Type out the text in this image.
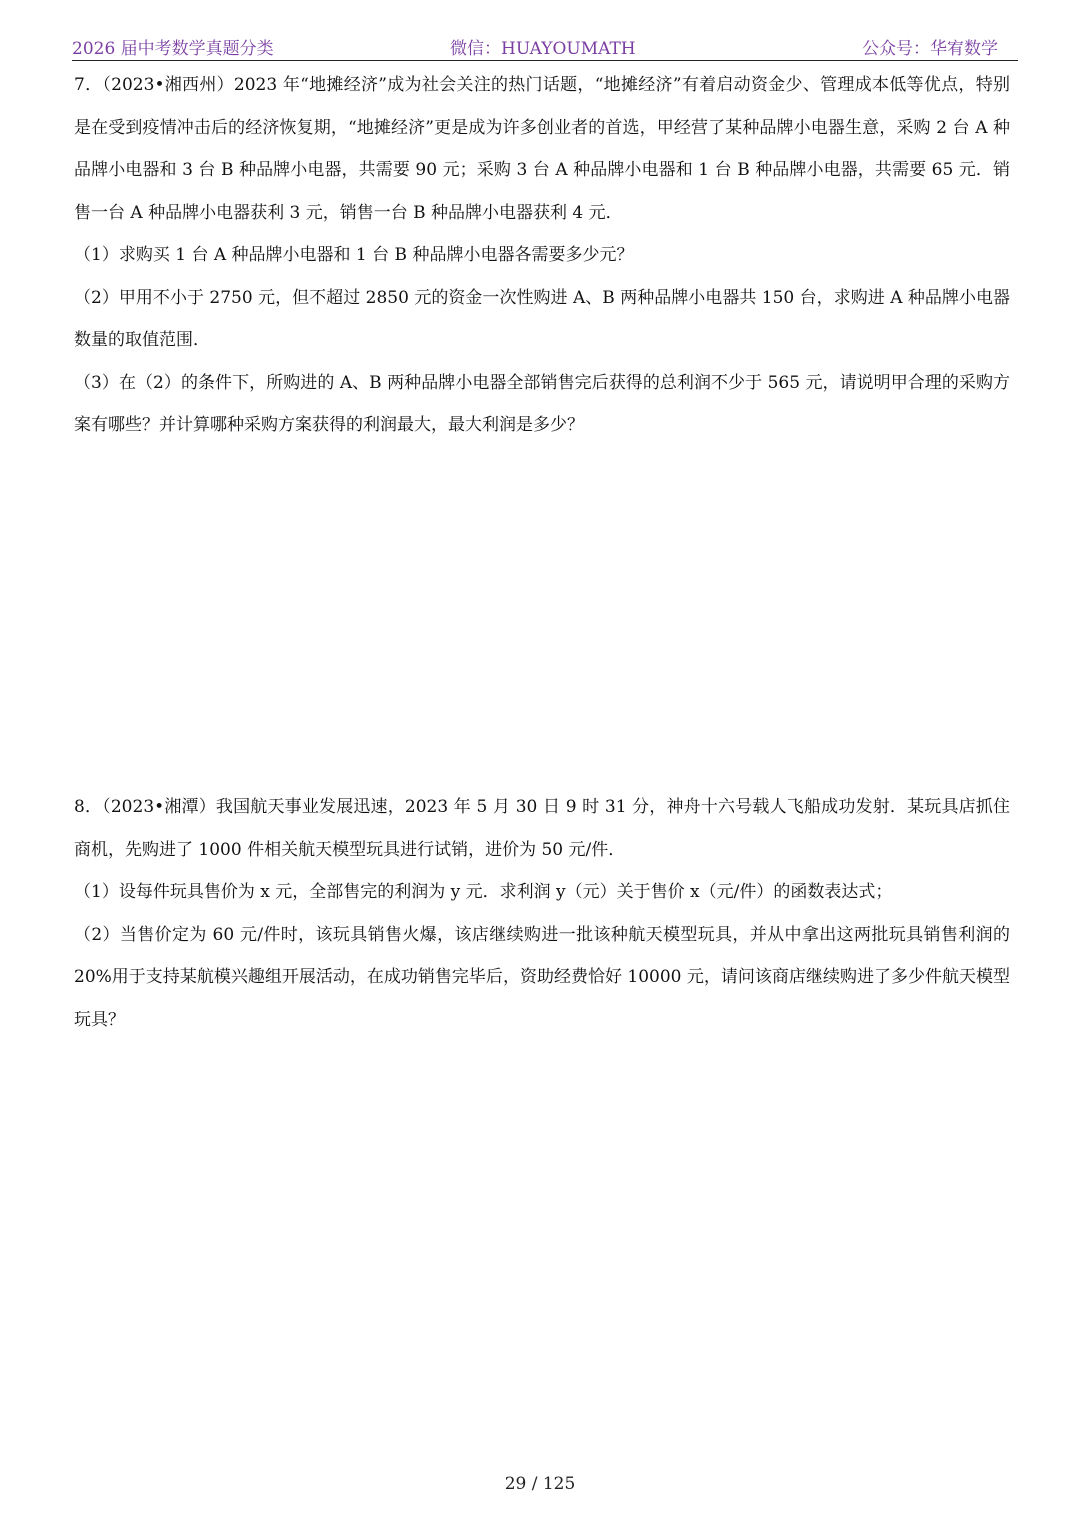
2026 届中考数学真题分类	微信：HUAYOUMATH	公众号：华宥数学

7．（2023•湘西州）2023 年“地摊经济”成为社会关注的热门话题，“地摊经济”有着启动资金少、管理成本低等优点，特别是在受到疫情冲击后的经济恢复期，“地摊经济”更是成为许多创业者的首选，甲经营了某种品牌小电器生意，采购 2 台 A 种品牌小电器和 3 台 B 种品牌小电器，共需要 90 元；采购 3 台 A 种品牌小电器和 1 台 B 种品牌小电器，共需要 65 元．销售一台 A 种品牌小电器获利 3 元，销售一台 B 种品牌小电器获利 4 元．

（1）求购买 1 台 A 种品牌小电器和 1 台 B 种品牌小电器各需要多少元？

（2）甲用不小于 2750 元，但不超过 2850 元的资金一次性购进 A、B 两种品牌小电器共 150 台，求购进 A 种品牌小电器数量的取值范围．

（3）在（2）的条件下，所购进的 A、B 两种品牌小电器全部销售完后获得的总利润不少于 565 元，请说明甲合理的采购方案有哪些？并计算哪种采购方案获得的利润最大，最大利润是多少？

8．（2023•湘潭）我国航天事业发展迅速，2023 年 5 月 30 日 9 时 31 分，神舟十六号载人飞船成功发射．某玩具店抓住商机，先购进了 1000 件相关航天模型玩具进行试销，进价为 50 元/件．

（1）设每件玩具售价为 x 元，全部售完的利润为 y 元．求利润 y（元）关于售价 x（元/件）的函数表达式；

（2）当售价定为 60 元/件时，该玩具销售火爆，该店继续购进一批该种航天模型玩具，并从中拿出这两批玩具销售利润的 20%用于支持某航模兴趣组开展活动，在成功销售完毕后，资助经费恰好 10000 元，请问该商店继续购进了多少件航天模型玩具？

29 / 125
